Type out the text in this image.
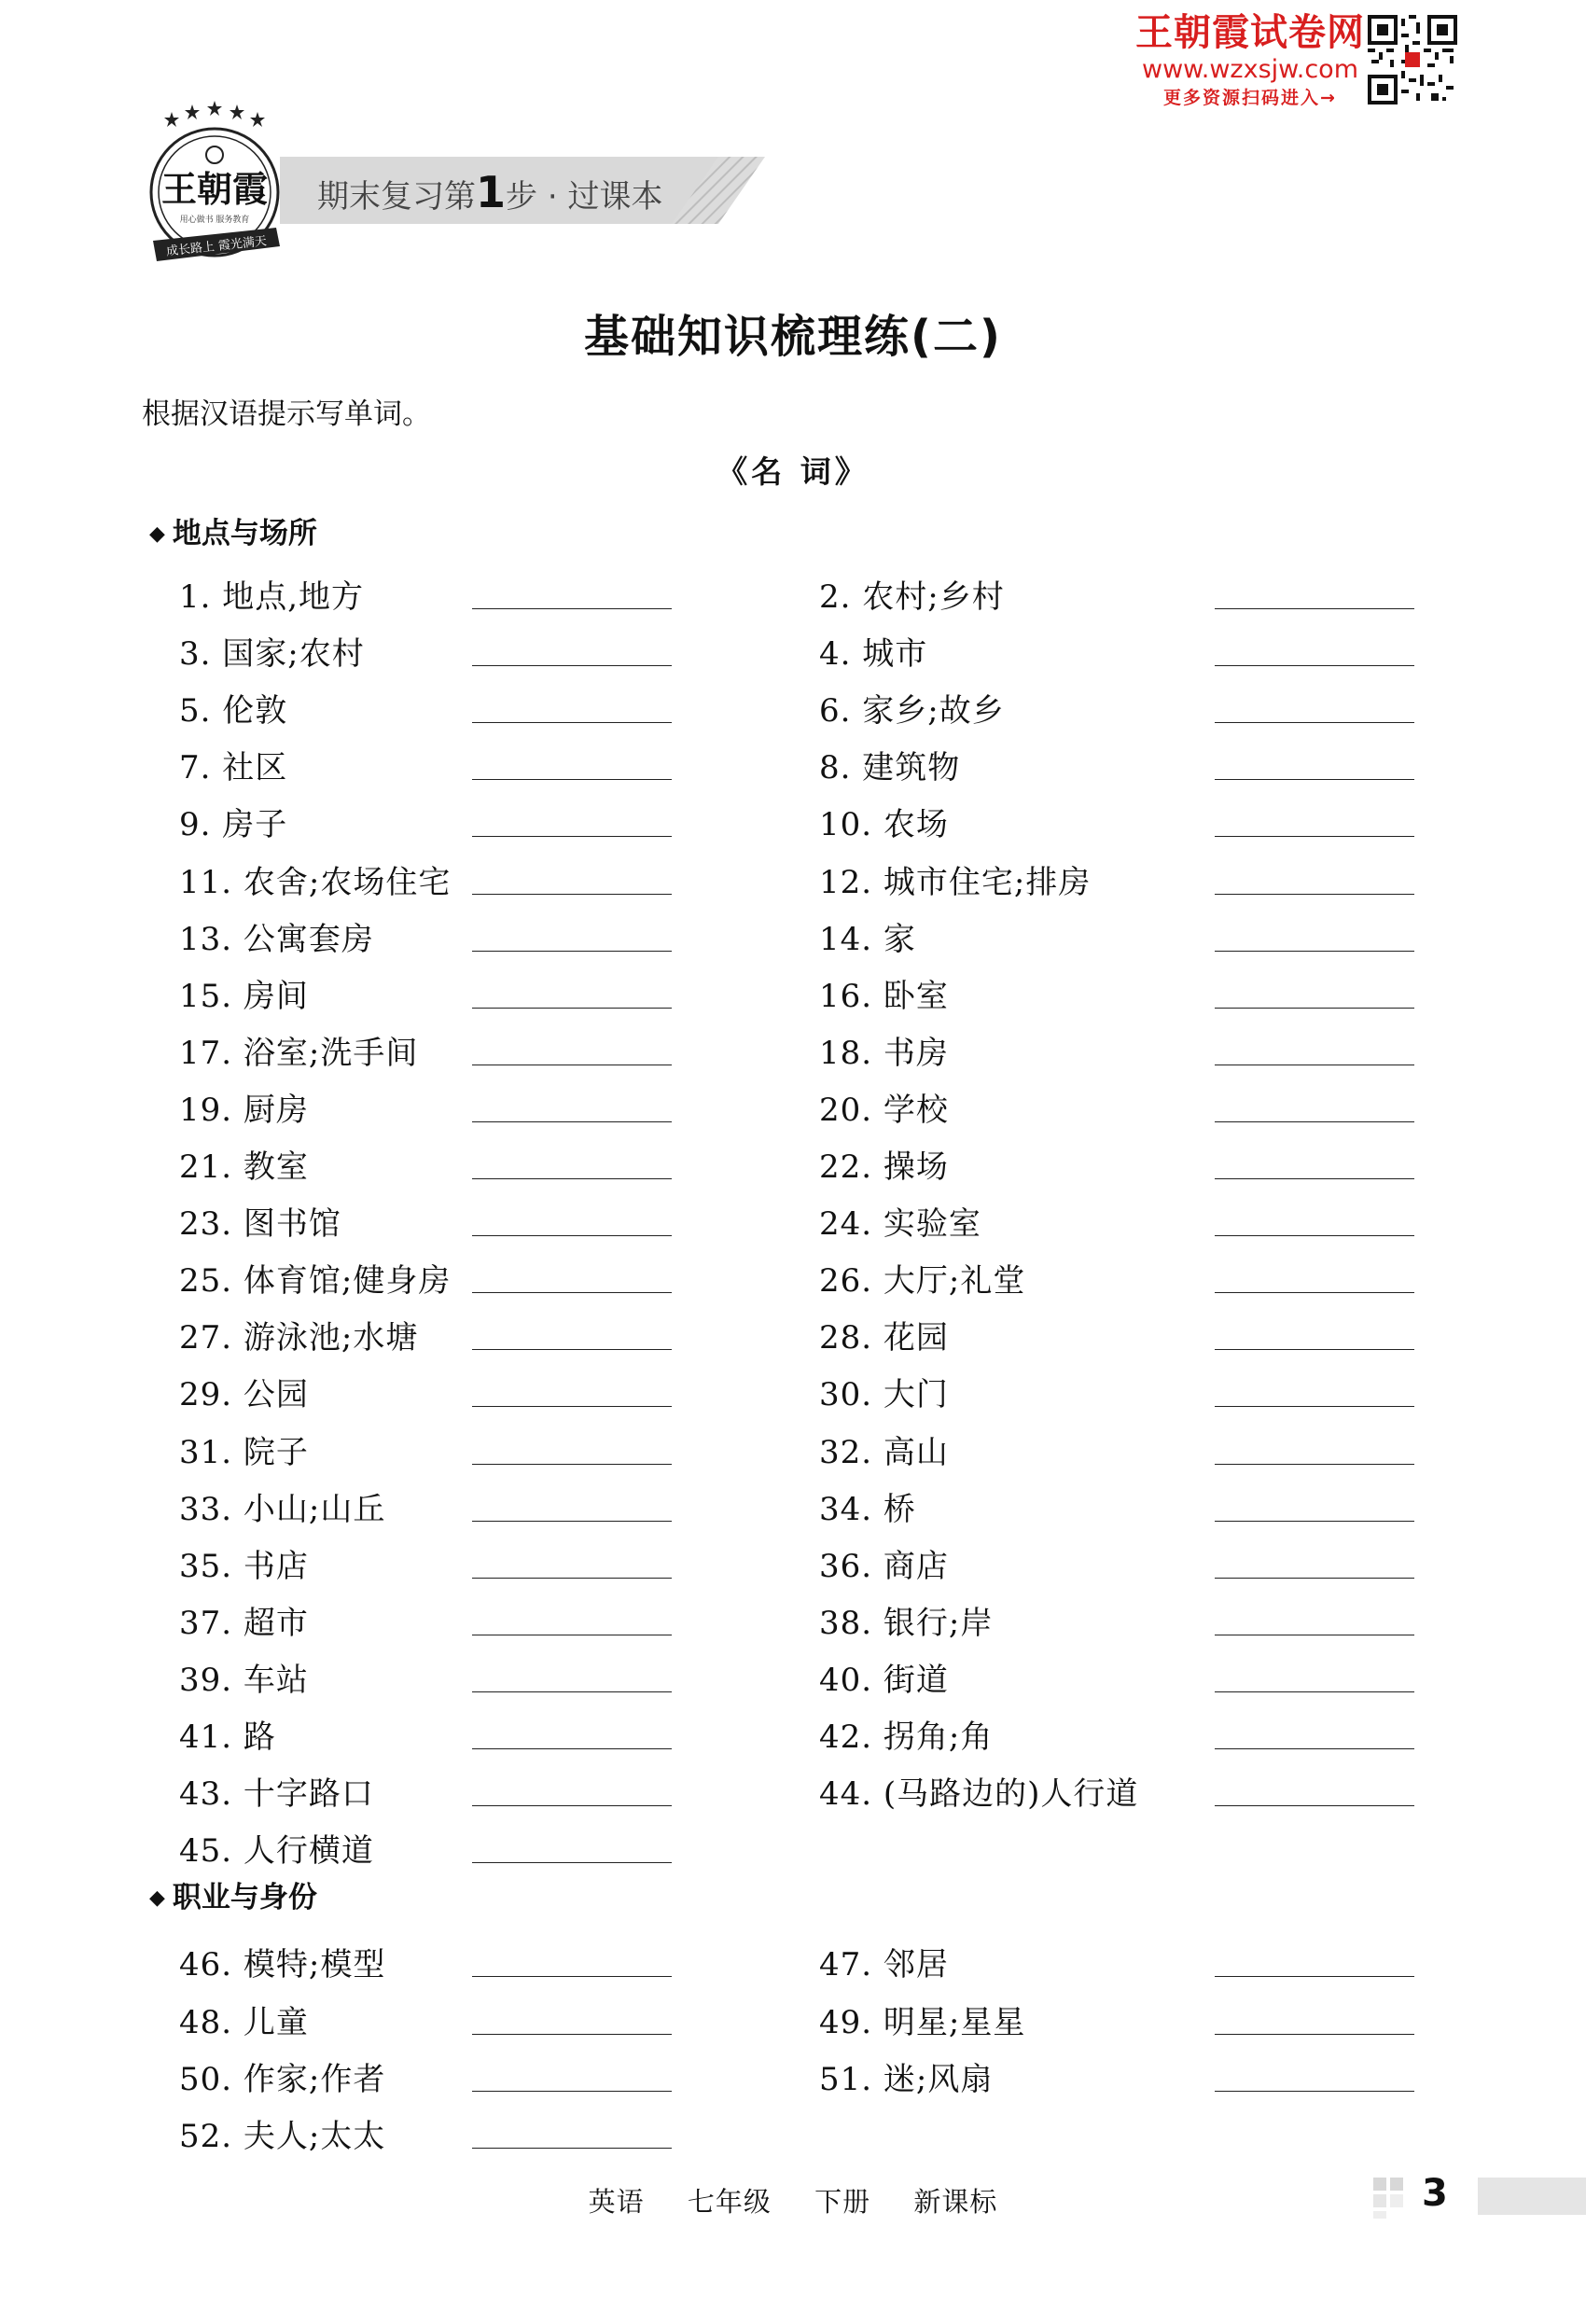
王朝霞试卷网
www.wzxsjw.com
更多资源扫码进入→
王朝霞
用心做书 服务教育
成长路上 霞光满天
期末复习第1步 · 过课本
基础知识梳理练(二)
根据汉语提示写单词。
《名 词》
◆ 地点与场所
◆ 职业与身份
1. 地点,地方	2. 农村;乡村
3. 国家;农村	4. 城市
5. 伦敦	6. 家乡;故乡
7. 社区	8. 建筑物
9. 房子	10. 农场
11. 农舍;农场住宅	12. 城市住宅;排房
13. 公寓套房	14. 家
15. 房间	16. 卧室
17. 浴室;洗手间	18. 书房
19. 厨房	20. 学校
21. 教室	22. 操场
23. 图书馆	24. 实验室
25. 体育馆;健身房	26. 大厅;礼堂
27. 游泳池;水塘	28. 花园
29. 公园	30. 大门
31. 院子	32. 高山
33. 小山;山丘	34. 桥
35. 书店	36. 商店
37. 超市	38. 银行;岸
39. 车站	40. 街道
41. 路	42. 拐角;角
43. 十字路口	44. (马路边的)人行道
45. 人行横道
46. 模特;模型	47. 邻居
48. 儿童	49. 明星;星星
50. 作家;作者	51. 迷;风扇
52. 夫人;太太
英语 七年级 下册 新课标	3
